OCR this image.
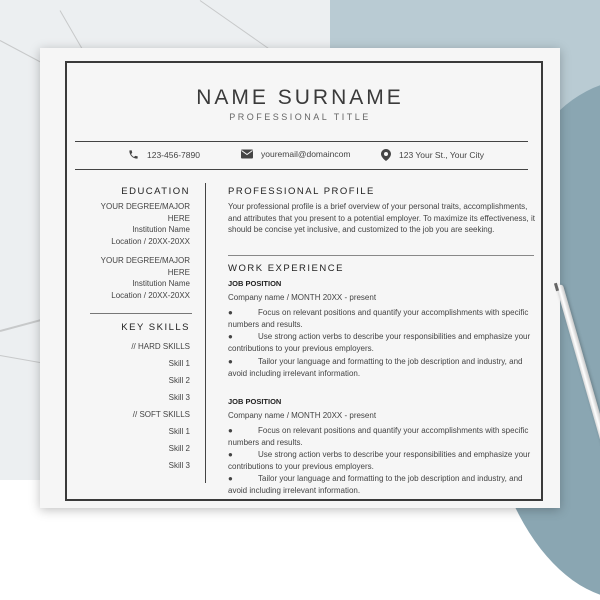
NAME SURNAME
PROFESSIONAL TITLE
123-456-7890	youremail@domaincom	123 Your St., Your City
EDUCATION
YOUR DEGREE/MAJOR
HERE
Institution Name
Location / 20XX-20XX
YOUR DEGREE/MAJOR
HERE
Institution Name
Location / 20XX-20XX
KEY SKILLS
// HARD SKILLS
Skill 1
Skill 2
Skill 3
// SOFT SKILLS
Skill 1
Skill 2
Skill 3
PROFESSIONAL PROFILE
Your professional profile is a brief overview of your personal traits, accomplishments, and attributes that you present to a potential employer. To maximize its effectiveness, it should be concise yet inclusive, and customized to the job you are seeking.
WORK EXPERIENCE
JOB POSITION
Company name / MONTH 20XX - present
●	Focus on relevant positions and quantify your accomplishments with specific numbers and results.
●	Use strong action verbs to describe your responsibilities and emphasize your contributions to your previous employers.
●	Tailor your language and formatting to the job description and industry, and avoid including irrelevant information.
JOB POSITION
Company name / MONTH 20XX - present
●	Focus on relevant positions and quantify your accomplishments with specific numbers and results.
●	Use strong action verbs to describe your responsibilities and emphasize your contributions to your previous employers.
●	Tailor your language and formatting to the job description and industry, and avoid including irrelevant information.
